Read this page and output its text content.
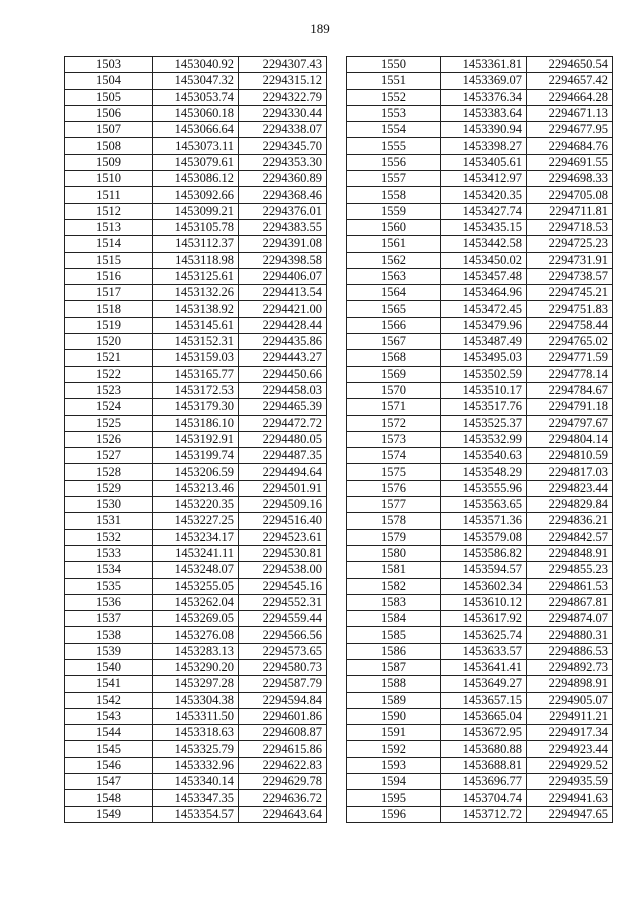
189
1503	1453040.92	2294307.43
1504	1453047.32	2294315.12
1505	1453053.74	2294322.79
1506	1453060.18	2294330.44
1507	1453066.64	2294338.07
1508	1453073.11	2294345.70
1509	1453079.61	2294353.30
1510	1453086.12	2294360.89
1511	1453092.66	2294368.46
1512	1453099.21	2294376.01
1513	1453105.78	2294383.55
1514	1453112.37	2294391.08
1515	1453118.98	2294398.58
1516	1453125.61	2294406.07
1517	1453132.26	2294413.54
1518	1453138.92	2294421.00
1519	1453145.61	2294428.44
1520	1453152.31	2294435.86
1521	1453159.03	2294443.27
1522	1453165.77	2294450.66
1523	1453172.53	2294458.03
1524	1453179.30	2294465.39
1525	1453186.10	2294472.72
1526	1453192.91	2294480.05
1527	1453199.74	2294487.35
1528	1453206.59	2294494.64
1529	1453213.46	2294501.91
1530	1453220.35	2294509.16
1531	1453227.25	2294516.40
1532	1453234.17	2294523.61
1533	1453241.11	2294530.81
1534	1453248.07	2294538.00
1535	1453255.05	2294545.16
1536	1453262.04	2294552.31
1537	1453269.05	2294559.44
1538	1453276.08	2294566.56
1539	1453283.13	2294573.65
1540	1453290.20	2294580.73
1541	1453297.28	2294587.79
1542	1453304.38	2294594.84
1543	1453311.50	2294601.86
1544	1453318.63	2294608.87
1545	1453325.79	2294615.86
1546	1453332.96	2294622.83
1547	1453340.14	2294629.78
1548	1453347.35	2294636.72
1549	1453354.57	2294643.64
1550	1453361.81	2294650.54
1551	1453369.07	2294657.42
1552	1453376.34	2294664.28
1553	1453383.64	2294671.13
1554	1453390.94	2294677.95
1555	1453398.27	2294684.76
1556	1453405.61	2294691.55
1557	1453412.97	2294698.33
1558	1453420.35	2294705.08
1559	1453427.74	2294711.81
1560	1453435.15	2294718.53
1561	1453442.58	2294725.23
1562	1453450.02	2294731.91
1563	1453457.48	2294738.57
1564	1453464.96	2294745.21
1565	1453472.45	2294751.83
1566	1453479.96	2294758.44
1567	1453487.49	2294765.02
1568	1453495.03	2294771.59
1569	1453502.59	2294778.14
1570	1453510.17	2294784.67
1571	1453517.76	2294791.18
1572	1453525.37	2294797.67
1573	1453532.99	2294804.14
1574	1453540.63	2294810.59
1575	1453548.29	2294817.03
1576	1453555.96	2294823.44
1577	1453563.65	2294829.84
1578	1453571.36	2294836.21
1579	1453579.08	2294842.57
1580	1453586.82	2294848.91
1581	1453594.57	2294855.23
1582	1453602.34	2294861.53
1583	1453610.12	2294867.81
1584	1453617.92	2294874.07
1585	1453625.74	2294880.31
1586	1453633.57	2294886.53
1587	1453641.41	2294892.73
1588	1453649.27	2294898.91
1589	1453657.15	2294905.07
1590	1453665.04	2294911.21
1591	1453672.95	2294917.34
1592	1453680.88	2294923.44
1593	1453688.81	2294929.52
1594	1453696.77	2294935.59
1595	1453704.74	2294941.63
1596	1453712.72	2294947.65
